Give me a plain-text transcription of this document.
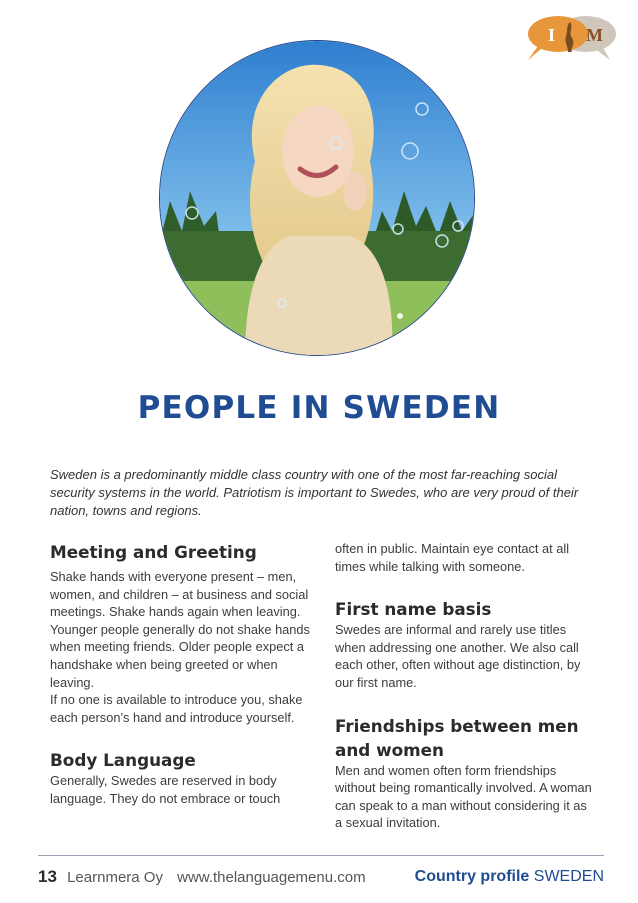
I M
PEOPLE IN SWEDEN

Sweden is a predominantly middle class country with one of the most far-reaching social security systems in the world. Patriotism is important to Swedes, who are very proud of their nation, towns and regions.

Meeting and Greeting

Shake hands with everyone present – men, women, and children – at business and social meetings. Shake hands again when leaving.

Younger people generally do not shake hands when meeting friends. Older people expect a handshake when being greeted or when leaving.

If no one is available to introduce you, shake each person’s hand and introduce yourself.

Body Language

Generally, Swedes are reserved in body language. They do not embrace or touch

often in public. Maintain eye contact at all times while talking with someone.

First name basis

Swedes are informal and rarely use titles when addressing one another. We also call each other, often without age distinction, by our first name.

Friendships between men and women

Men and women often form friendships without being romantically involved. A woman can speak to a man without considering it as a sexual invitation.

13 Learnmera Oy www.thelanguagemenu.com	Country profile SWEDEN
